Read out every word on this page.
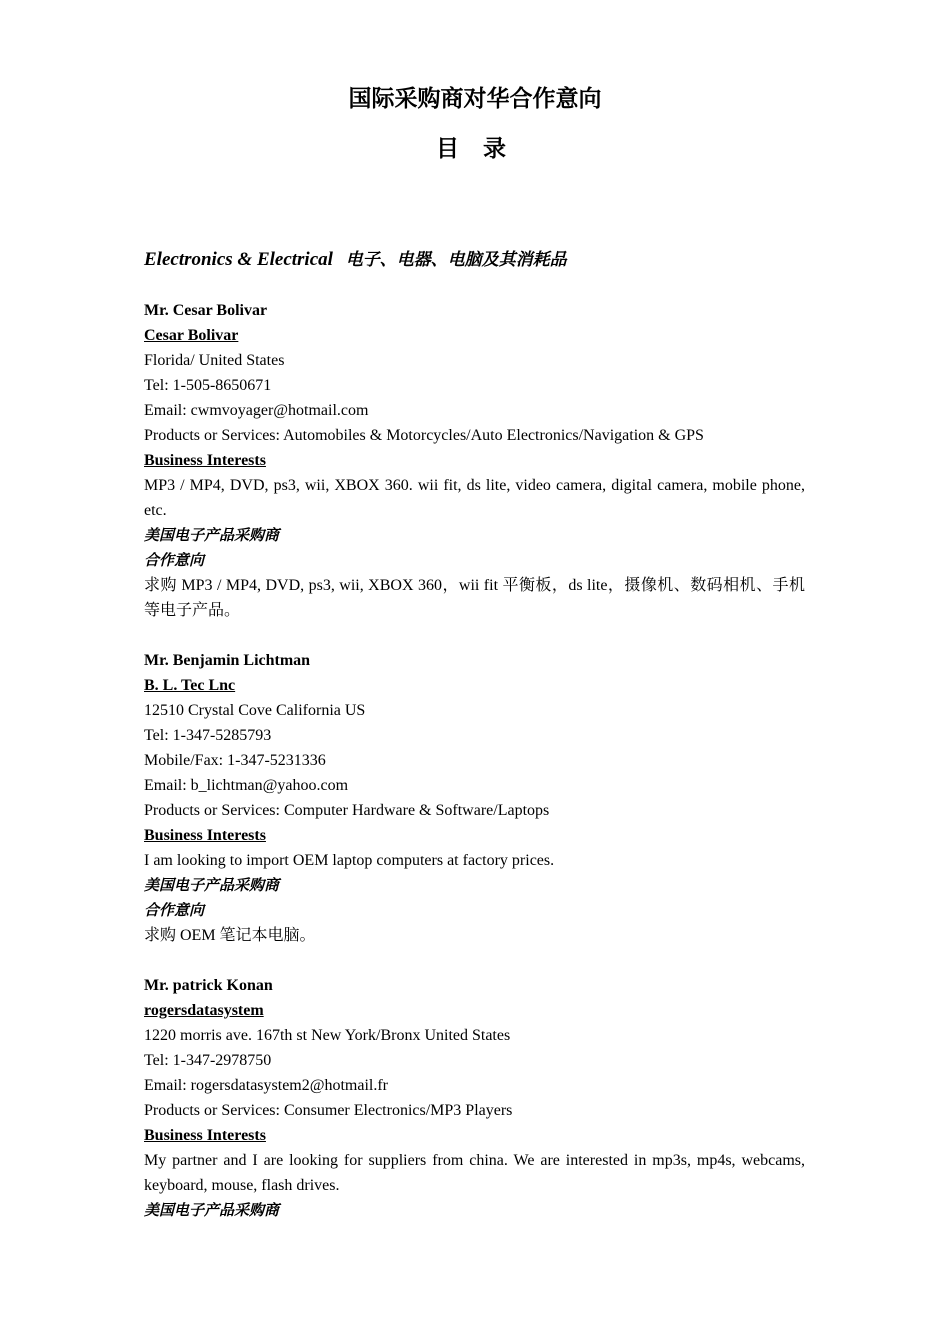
国际采购商对华合作意向
目 录
Electronics & Electrical 电子、电器、电脑及其消耗品
Mr. Cesar Bolivar
Cesar Bolivar
Florida/ United States
Tel: 1-505-8650671
Email: cwmvoyager@hotmail.com
Products or Services: Automobiles & Motorcycles/Auto Electronics/Navigation & GPS
Business Interests
MP3 / MP4, DVD, ps3, wii, XBOX 360. wii fit, ds lite, video camera, digital camera, mobile phone, etc.
美国电子产品采购商
合作意向
求购 MP3 / MP4, DVD, ps3, wii, XBOX 360，wii fit 平衡板，ds lite，摄像机、数码相机、手机等电子产品。
Mr. Benjamin Lichtman
B. L. Tec Lnc
12510 Crystal Cove California US
Tel: 1-347-5285793
Mobile/Fax: 1-347-5231336
Email: b_lichtman@yahoo.com
Products or Services: Computer Hardware & Software/Laptops
Business Interests
I am looking to import OEM laptop computers at factory prices.
美国电子产品采购商
合作意向
求购 OEM 笔记本电脑。
Mr. patrick Konan
rogersdatasystem
1220 morris ave. 167th st New York/Bronx United States
Tel: 1-347-2978750
Email: rogersdatasystem2@hotmail.fr
Products or Services: Consumer Electronics/MP3 Players
Business Interests
My partner and I are looking for suppliers from china. We are interested in mp3s, mp4s, webcams, keyboard, mouse, flash drives.
美国电子产品采购商
